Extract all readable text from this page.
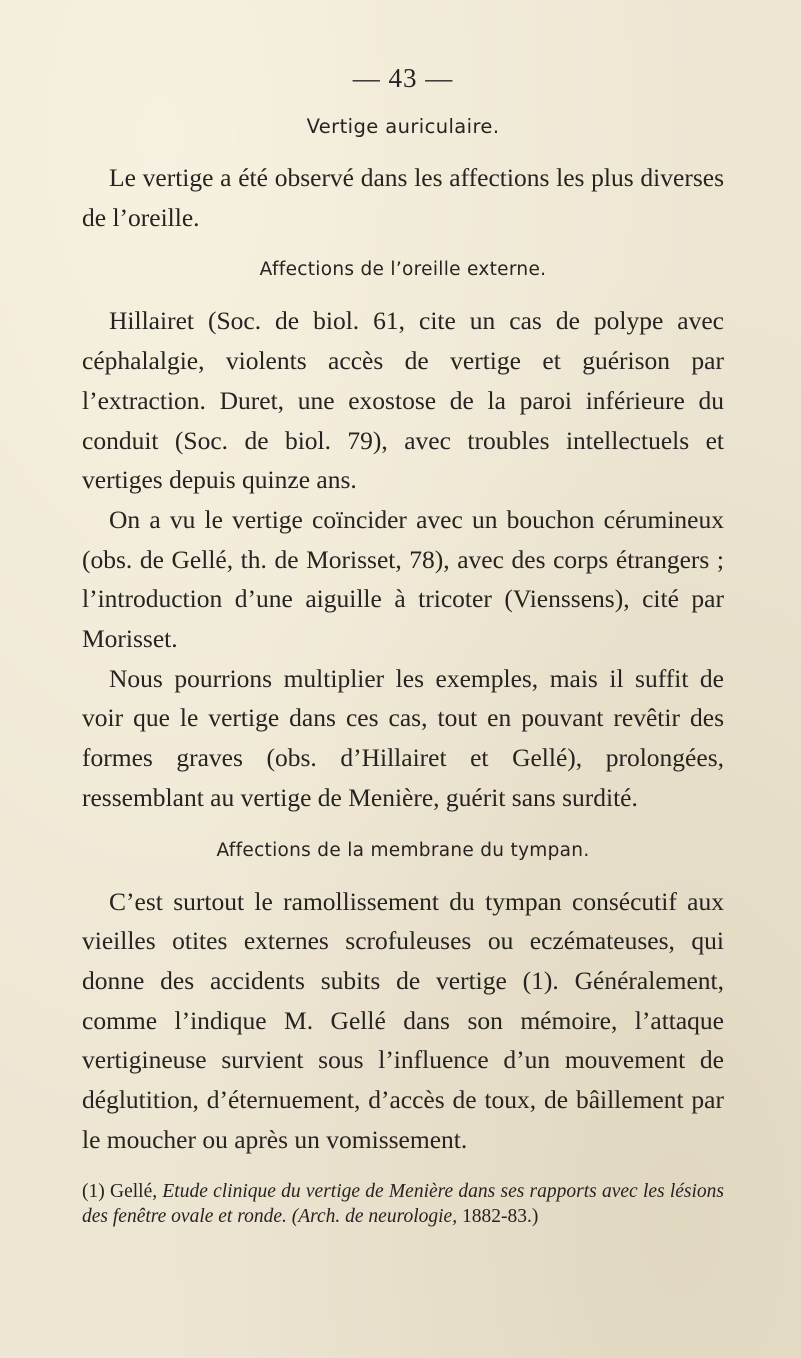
— 43 —
Vertige auriculaire.

Le vertige a été observé dans les affections les plus diverses de l’oreille.

Affections de l’oreille externe.

Hillairet (Soc. de biol. 61, cite un cas de polype avec céphalalgie, violents accès de vertige et guérison par l’extraction. Duret, une exostose de la paroi inférieure du conduit (Soc. de biol. 79), avec troubles intellectuels et vertiges depuis quinze ans.

On a vu le vertige coïncider avec un bouchon cérumineux (obs. de Gellé, th. de Morisset, 78), avec des corps étrangers ; l’introduction d’une aiguille à tricoter (Vienssens), cité par Morisset.

Nous pourrions multiplier les exemples, mais il suffit de voir que le vertige dans ces cas, tout en pouvant revêtir des formes graves (obs. d’Hillairet et Gellé), prolongées, ressemblant au vertige de Menière, guérit sans surdité.

Affections de la membrane du tympan.

C’est surtout le ramollissement du tympan consécutif aux vieilles otites externes scrofuleuses ou eczémateuses, qui donne des accidents subits de vertige (1). Généralement, comme l’indique M. Gellé dans son mémoire, l’attaque vertigineuse survient sous l’influence d’un mouvement de déglutition, d’éternuement, d’accès de toux, de bâillement par le moucher ou après un vomissement.

(1) Gellé, Etude clinique du vertige de Menière dans ses rapports avec les lésions des fenêtre ovale et ronde. (Arch. de neurologie, 1882-83.)
